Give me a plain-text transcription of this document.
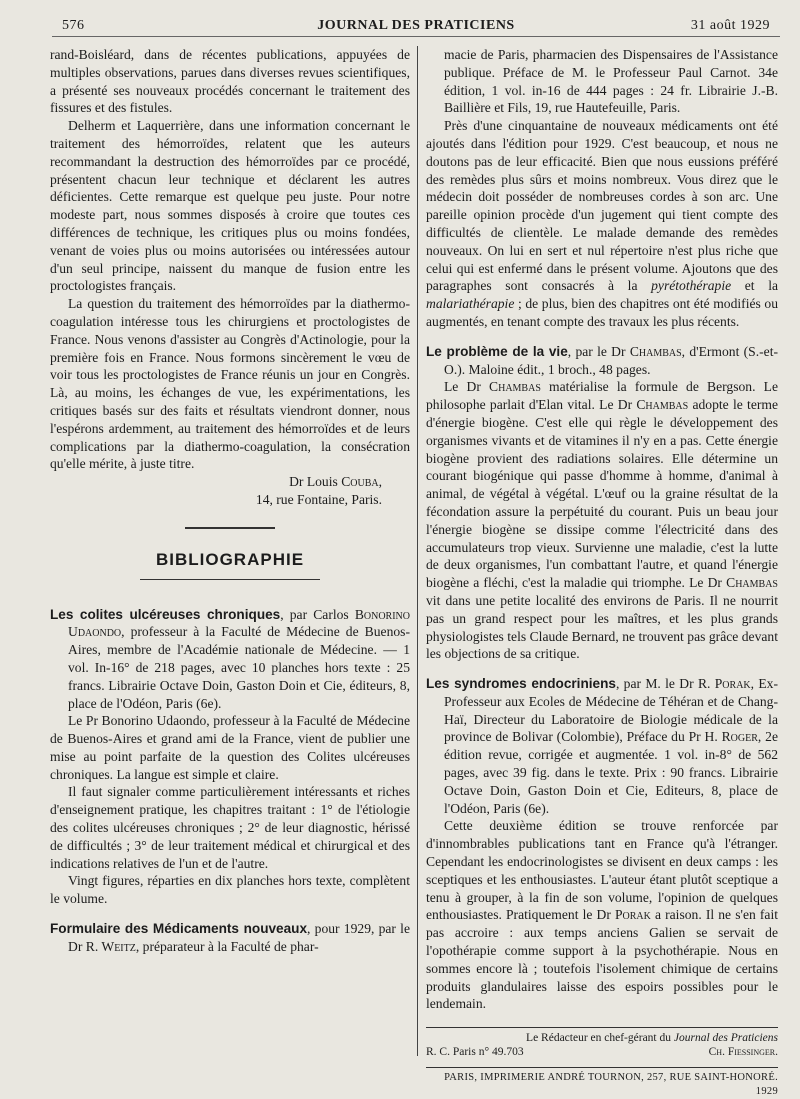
576	JOURNAL DES PRATICIENS	31 août 1929

rand-Boisléard, dans de récentes publications, appuyées de multiples observations, parues dans diverses revues scientifiques, a présenté ses nouveaux procédés concernant le traitement des fissures et des fistules.

Delherm et Laquerrière, dans une information concernant le traitement des hémorroïdes, relatent que les auteurs recommandant la destruction des hémorroïdes par ce procédé, présentent chacun leur technique et déclarent les autres déficientes. Cette remarque est quelque peu juste. Pour notre modeste part, nous sommes disposés à croire que toutes ces différences de technique, les critiques plus ou moins fondées, venant de voies plus ou moins autorisées ou intéressées autour d'un seul principe, naissent du manque de fusion entre les proctologistes français.

La question du traitement des hémorroïdes par la diathermo-coagulation intéresse tous les chirurgiens et proctologistes de France. Nous venons d'assister au Congrès d'Actinologie, pour la première fois en France. Nous formons sincèrement le vœu de voir tous les proctologistes de France réunis un jour en Congrès. Là, au moins, les échanges de vue, les expérimentations, les critiques basés sur des faits et résultats viendront donner, nous l'espérons ardemment, au traitement des hémorroïdes et de leurs complications par la diathermo-coagulation, la consécration qu'elle mérite, à juste titre.

Dr Louis Couba,

14, rue Fontaine, Paris.

BIBLIOGRAPHIE

Les colites ulcéreuses chroniques, par Carlos Bonorino Udaondo, professeur à la Faculté de Médecine de Buenos-Aires, membre de l'Académie nationale de Médecine. — 1 vol. In-16° de 218 pages, avec 10 planches hors texte : 25 francs. Librairie Octave Doin, Gaston Doin et Cie, éditeurs, 8, place de l'Odéon, Paris (6e).

Le Pr Bonorino Udaondo, professeur à la Faculté de Médecine de Buenos-Aires et grand ami de la France, vient de publier une mise au point parfaite de la question des Colites ulcéreuses chroniques. La langue est simple et claire.

Il faut signaler comme particulièrement intéressants et riches d'enseignement pratique, les chapitres traitant : 1° de l'étiologie des colites ulcéreuses chroniques ; 2° de leur diagnostic, hérissé de difficultés ; 3° de leur traitement médical et chirurgical et des indications relatives de l'un et de l'autre.

Vingt figures, réparties en dix planches hors texte, complètent le volume.

Formulaire des Médicaments nouveaux, pour 1929, par le Dr R. Weitz, préparateur à la Faculté de phar-

macie de Paris, pharmacien des Dispensaires de l'Assistance publique. Préface de M. le Professeur Paul Carnot. 34e édition, 1 vol. in-16 de 444 pages : 24 fr. Librairie J.-B. Baillière et Fils, 19, rue Hautefeuille, Paris.

Près d'une cinquantaine de nouveaux médicaments ont été ajoutés dans l'édition pour 1929. C'est beaucoup, et nous ne doutons pas de leur efficacité. Bien que nous eussions préféré des remèdes plus sûrs et moins nombreux. Vous direz que le médecin doit posséder de nombreuses cordes à son arc. Une pareille opinion procède d'un jugement qui tient compte des difficultés de clientèle. Le malade demande des remèdes nouveaux. On lui en sert et nul répertoire n'est plus riche que celui qui est enfermé dans le présent volume. Ajoutons que des paragraphes sont consacrés à la pyrétothérapie et la malariathérapie ; de plus, bien des chapitres ont été modifiés ou augmentés, en tenant compte des travaux les plus récents.

Le problème de la vie, par le Dr Chambas, d'Ermont (S.-et-O.). Maloine édit., 1 broch., 48 pages.

Le Dr Chambas matérialise la formule de Bergson. Le philosophe parlait d'Elan vital. Le Dr Chambas adopte le terme d'énergie biogène. C'est elle qui règle le développement des organismes vivants et de vitamines il n'y en a pas. Cette énergie biogène provient des radiations solaires. Elle détermine un courant biogénique qui passe d'homme à homme, d'animal à animal, de végétal à végétal. L'œuf ou la graine résultat de la fécondation assure la perpétuité du courant. Puis un beau jour l'énergie biogène se dissipe comme l'électricité dans des accumulateurs trop vieux. Survienne une maladie, c'est la lutte de deux organismes, l'un combattant l'autre, et quand l'énergie biogène a fléchi, c'est la maladie qui triomphe. Le Dr Chambas vit dans une petite localité des environs de Paris. Il ne nourrit pas un grand respect pour les maîtres, et les plus grands physiologistes tels Claude Bernard, ne trouvent pas grâce devant les objections de sa critique.

Les syndromes endocriniens, par M. le Dr R. Porak, Ex-Professeur aux Ecoles de Médecine de Téhéran et de Chang-Haï, Directeur du Laboratoire de Biologie médicale de la province de Bolivar (Colombie), Préface du Pr H. Roger, 2e édition revue, corrigée et augmentée. 1 vol. in-8° de 562 pages, avec 39 fig. dans le texte. Prix : 90 francs. Librairie Octave Doin, Gaston Doin et Cie, Editeurs, 8, place de l'Odéon, Paris (6e).

Cette deuxième édition se trouve renforcée par d'innombrables publications tant en France qu'à l'étranger. Cependant les endocrinologistes se divisent en deux camps : les sceptiques et les enthousiastes. L'auteur étant plutôt sceptique a tenu à grouper, à la fin de son volume, l'opinion de quelques enthousiastes. Pratiquement le Dr Porak a raison. Il ne s'en fait pas accroire : aux temps anciens Galien se servait de l'opothérapie comme support à la psychothérapie. Nous en sommes encore là ; toutefois l'isolement chimique de certains produits glandulaires laisse des espoirs possibles pour le lendemain.

Le Rédacteur en chef-gérant du Journal des Praticiens
R. C. Paris n° 49.703	Ch. Fiessinger.
PARIS, IMPRIMERIE ANDRÉ TOURNON, 257, RUE SAINT-HONORÉ. 1929
